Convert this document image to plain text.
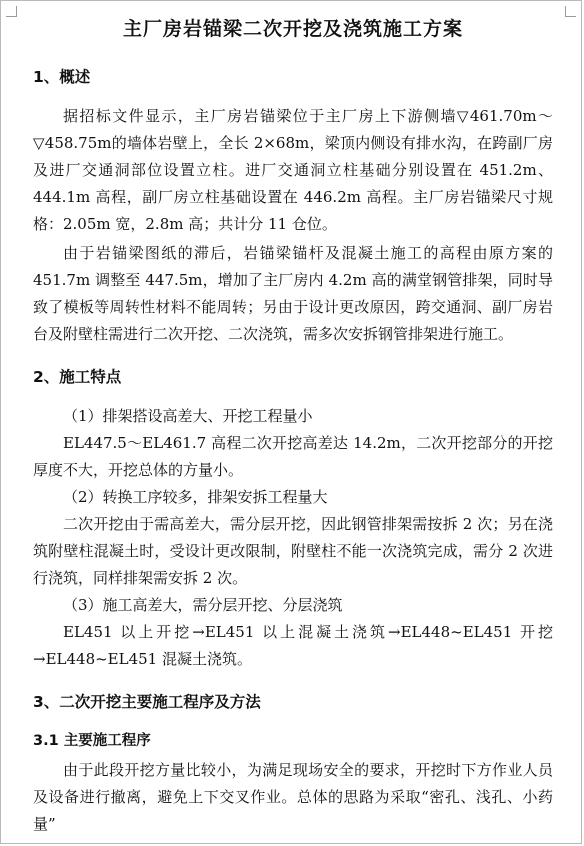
主厂房岩锚梁二次开挖及浇筑施工方案
1、概述

据招标文件显示，主厂房岩锚梁位于主厂房上下游侧墙▽461.70m～▽458.75m的墙体岩壁上，全长 2×68m，梁顶内侧设有排水沟，在跨副厂房及进厂交通洞部位设置立柱。进厂交通洞立柱基础分别设置在 451.2m、444.1m 高程，副厂房立柱基础设置在 446.2m 高程。主厂房岩锚梁尺寸规格：2.05m 宽，2.8m 高；共计分 11 仓位。

由于岩锚梁图纸的滞后，岩锚梁锚杆及混凝土施工的高程由原方案的 451.7m 调整至 447.5m，增加了主厂房内 4.2m 高的满堂钢管排架，同时导致了模板等周转性材料不能周转；另由于设计更改原因，跨交通洞、副厂房岩台及附壁柱需进行二次开挖、二次浇筑，需多次安拆钢管排架进行施工。

2、施工特点

（1）排架搭设高差大、开挖工程量小

EL447.5～EL461.7 高程二次开挖高差达 14.2m，二次开挖部分的开挖厚度不大，开挖总体的方量小。

（2）转换工序较多，排架安拆工程量大

二次开挖由于需高差大，需分层开挖，因此钢管排架需按拆 2 次；另在浇筑附壁柱混凝土时，受设计更改限制，附壁柱不能一次浇筑完成，需分 2 次进行浇筑，同样排架需安拆 2 次。

（3）施工高差大，需分层开挖、分层浇筑

EL451 以上开挖→EL451 以上混凝土浇筑→EL448~EL451 开挖→EL448~EL451 混凝土浇筑。

3、二次开挖主要施工程序及方法
3.1 主要施工程序

由于此段开挖方量比较小，为满足现场安全的要求，开挖时下方作业人员及设备进行撤离，避免上下交叉作业。总体的思路为采取“密孔、浅孔、小药量”
